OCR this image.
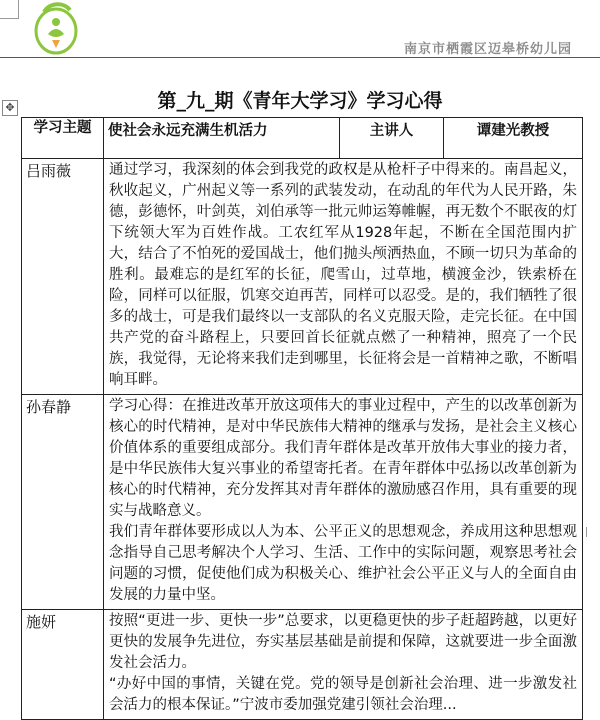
南京市栖霞区迈皋桥幼儿园
✥	第_九_期《青年大学习》学习心得
学习主题	使社会永远充满生机活力	主讲人	谭建光教授
吕雨薇	通过学习，我深刻的体会到我党的政权是从枪杆子中得来的。南昌起义，秋收起义，广州起义等一系列的武装发动，在动乱的年代为人民开路，朱德，彭德怀，叶剑英，刘伯承等一批元帅运筹帷幄，再无数个不眠夜的灯下统领大军为百姓作战。工农红军从1928年起，不断在全国范围内扩大，结合了不怕死的爱国战士，他们抛头颅洒热血，不顾一切只为革命的胜利。最难忘的是红军的长征，爬雪山，过草地，横渡金沙，铁索桥在险，同样可以征服，饥寒交迫再苦，同样可以忍受。是的，我们牺牲了很多的战士，可是我们最终以一支部队的名义克服天险，走完长征。在中国共产党的奋斗路程上，只要回首长征就点燃了一种精神，照亮了一个民族，我觉得，无论将来我们走到哪里，长征将会是一首精神之歌，不断唱响耳畔。		

孙春静	学习心得：在推进改革开放这项伟大的事业过程中，产生的以改革创新为核心的时代精神，是对中华民族伟大精神的继承与发扬，是社会主义核心价值体系的重要组成部分。我们青年群体是改革开放伟大事业的接力者，是中华民族伟大复兴事业的希望寄托者。在青年群体中弘扬以改革创新为核心的时代精神，充分发挥其对青年群体的激励感召作用，具有重要的现实与战略意义。

我们青年群体要形成以人为本、公平正义的思想观念，养成用这种思想观念指导自己思考解决个人学习、生活、工作中的实际问题，观察思考社会问题的习惯，促使他们成为积极关心、维护社会公平正义与人的全面自由发展的力量中坚。		

施妍	按照“更进一步、更快一步”总要求，以更稳更快的步子赶超跨越，以更好更快的发展争先进位，夯实基层基础是前提和保障，这就要进一步全面激发社会活力。

“办好中国的事情，关键在党。党的领导是创新社会治理、进一步激发社会活力的根本保证。”宁波市委加强党建引领社会治理...		
